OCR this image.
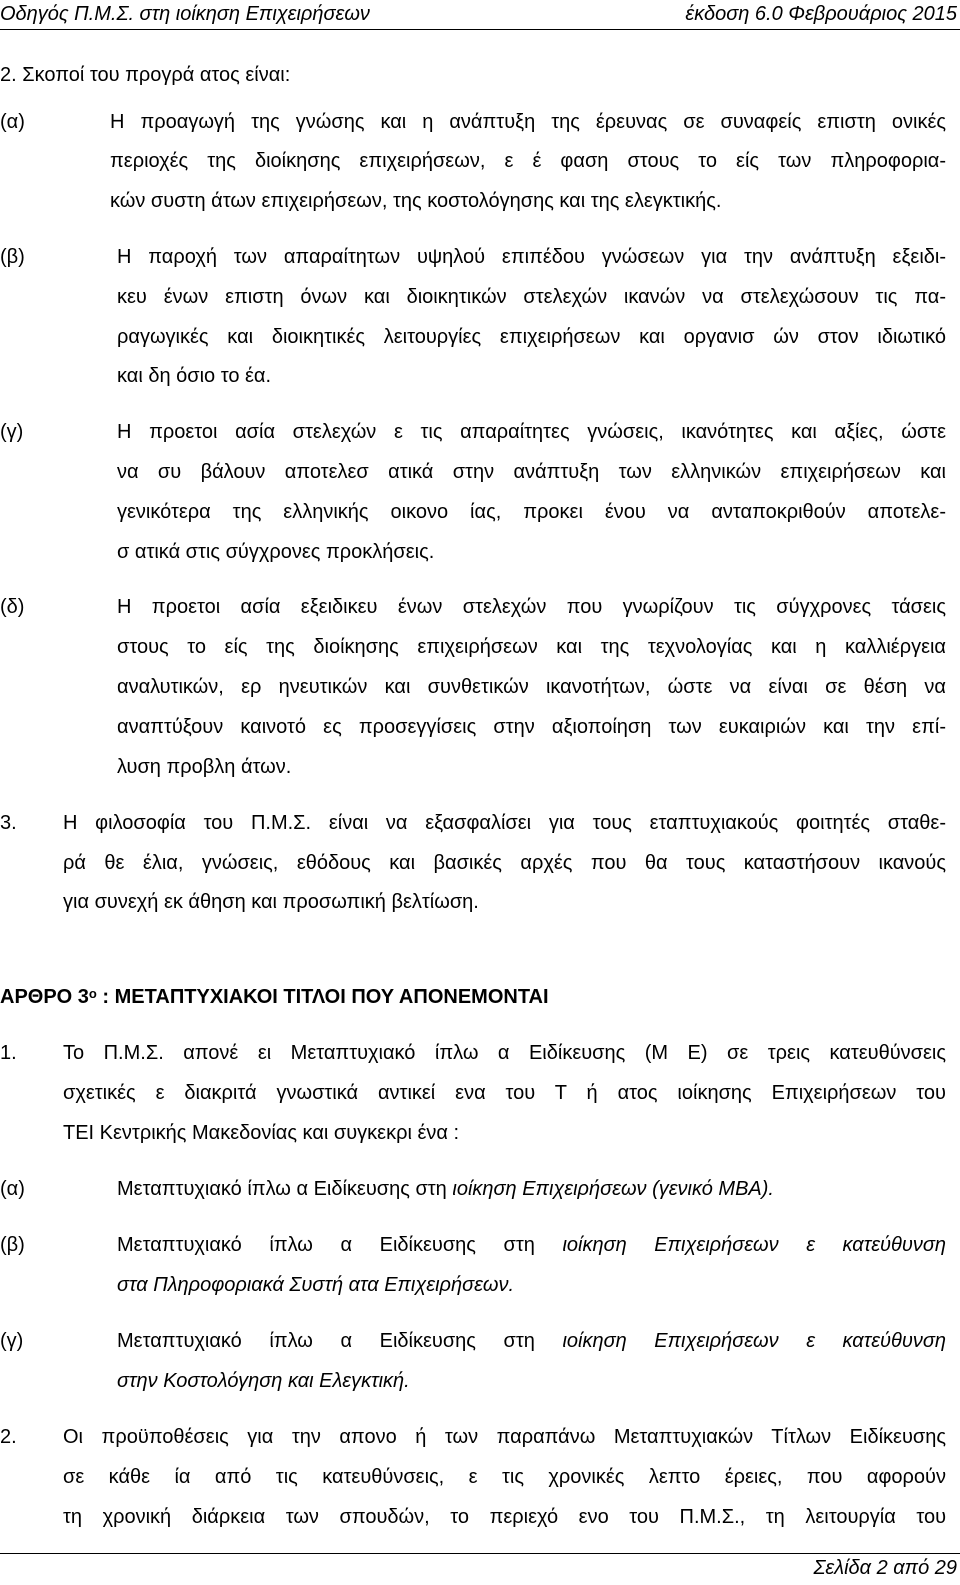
Οδηγός Π.Μ.Σ. στη ιοίκηση Επιχειρήσεων	έκδοση 6.0 Φεβρουάριος 2015
2. Σκοποί του προγρά ατος είναι:
(α)	Η προαγωγή της γνώσης και η ανάπτυξη της έρευνας σε συναφείς επιστη ονικές
περιοχές της διοίκησης επιχειρήσεων, ε έ φαση στους το είς των πληροφορια-
κών συστη άτων επιχειρήσεων, της κοστολόγησης και της ελεγκτικής.
(β)	Η παροχή των απαραίτητων υψηλού επιπέδου γνώσεων για την ανάπτυξη εξειδι-
κευ ένων επιστη όνων και διοικητικών στελεχών ικανών να στελεχώσουν τις πα-
ραγωγικές και διοικητικές λειτουργίες επιχειρήσεων και οργανισ ών στον ιδιωτικό
και δη όσιο το έα.
(γ)	Η προετοι ασία στελεχών ε τις απαραίτητες γνώσεις, ικανότητες και αξίες, ώστε
να συ βάλουν αποτελεσ ατικά στην ανάπτυξη των ελληνικών επιχειρήσεων και
γενικότερα της ελληνικής οικονο ίας, προκει ένου να ανταποκριθούν αποτελε-
σ ατικά στις σύγχρονες προκλήσεις.
(δ)	Η προετοι ασία εξειδικευ ένων στελεχών που γνωρίζουν τις σύγχρονες τάσεις
στους το είς της διοίκησης επιχειρήσεων και της τεχνολογίας και η καλλιέργεια
αναλυτικών, ερ ηνευτικών και συνθετικών ικανοτήτων, ώστε να είναι σε θέση να
αναπτύξουν καινοτό ες προσεγγίσεις στην αξιοποίηση των ευκαιριών και την επί-
λυση προβλη άτων.
3. Η φιλοσοφία του Π.Μ.Σ. είναι να εξασφαλίσει για τους εταπτυχιακούς φοιτητές σταθε-
ρά θε έλια, γνώσεις, εθόδους και βασικές αρχές που θα τους καταστήσουν ικανούς
για συνεχή εκ άθηση και προσωπική βελτίωση.
ΑΡΘΡΟ $3^o$ : ΜΕΤΑΠΤΥΧΙΑΚΟΙ ΤΙΤΛΟΙ ΠΟΥ ΑΠΟΝΕΜΟΝΤΑΙ
1. Το Π.Μ.Σ. απονέ ει Μεταπτυχιακό ίπλω α Ειδίκευσης (Μ Ε) σε τρεις κατευθύνσεις
σχετικές ε διακριτά γνωστικά αντικεί ενα του Τ ή ατος ιοίκησης Επιχειρήσεων του
ΤΕΙ Κεντρικής Μακεδονίας και συγκεκρι ένα :
(α)	Μεταπτυχιακό ίπλω α Ειδίκευσης στη ιοίκηση Επιχειρήσεων (γενικό ΜΒΑ).
(β)	Μεταπτυχιακό ίπλω α Ειδίκευσης στη ιοίκηση Επιχειρήσεων ε κατεύθυνση
στα Πληροφοριακά Συστή ατα Επιχειρήσεων.
(γ)	Μεταπτυχιακό ίπλω α Ειδίκευσης στη ιοίκηση Επιχειρήσεων ε κατεύθυνση
στην Κοστολόγηση και Ελεγκτική.
2. Οι προϋποθέσεις για την απονο ή των παραπάνω Μεταπτυχιακών Τίτλων Ειδίκευσης
σε κάθε ία από τις κατευθύνσεις, ε τις χρονικές λεπτο έρειες, που αφορούν
τη χρονική διάρκεια των σπουδών, το περιεχό ενο του Π.Μ.Σ., τη λειτουργία του
Σελίδα 2 από 29
